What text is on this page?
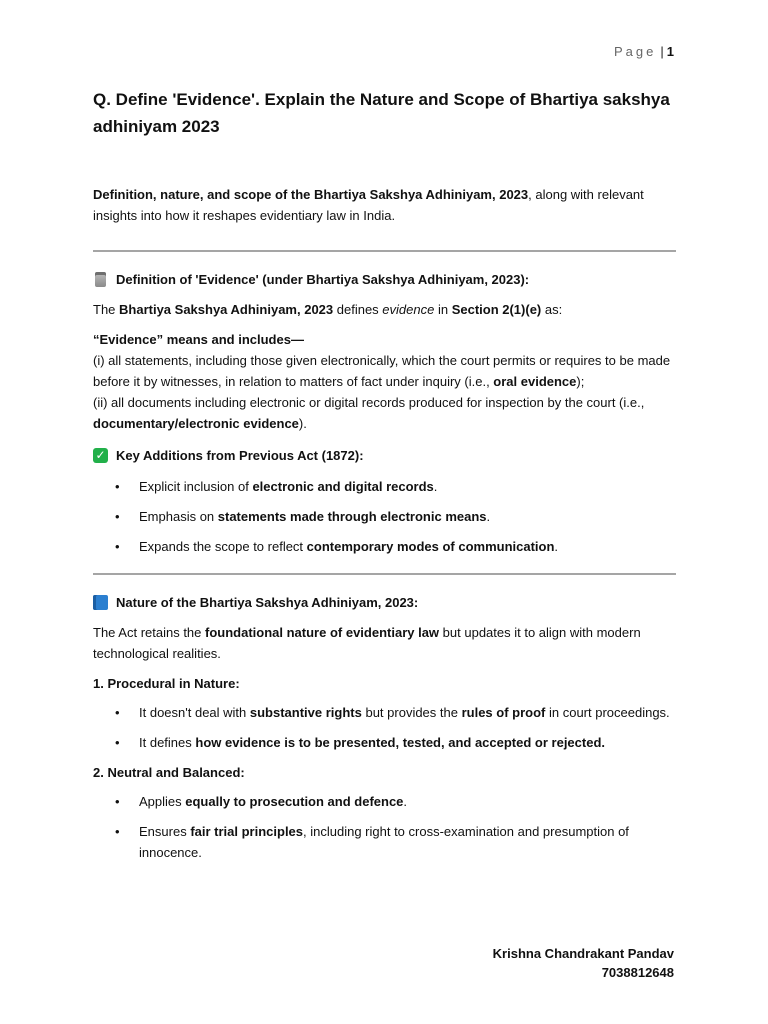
Page | 1
Q. Define 'Evidence'. Explain the Nature and Scope of Bhartiya sakshya adhiniyam 2023

Definition, nature, and scope of the Bhartiya Sakshya Adhiniyam, 2023, along with relevant insights into how it reshapes evidentiary law in India.

Definition of 'Evidence' (under Bhartiya Sakshya Adhiniyam, 2023):

The Bhartiya Sakshya Adhiniyam, 2023 defines evidence in Section 2(1)(e) as:

“Evidence” means and includes—
(i) all statements, including those given electronically, which the court permits or requires to be made before it by witnesses, in relation to matters of fact under inquiry (i.e., oral evidence);
(ii) all documents including electronic or digital records produced for inspection by the court (i.e., documentary/electronic evidence).

✓ Key Additions from Previous Act (1872):
• Explicit inclusion of electronic and digital records.
• Emphasis on statements made through electronic means.
• Expands the scope to reflect contemporary modes of communication.
Nature of the Bhartiya Sakshya Adhiniyam, 2023:

The Act retains the foundational nature of evidentiary law but updates it to align with modern technological realities.

1. Procedural in Nature:

• It doesn't deal with substantive rights but provides the rules of proof in court proceedings.
• It defines how evidence is to be presented, tested, and accepted or rejected.

2. Neutral and Balanced:

• Applies equally to prosecution and defence.
• Ensures fair trial principles, including right to cross-examination and presumption of innocence.
Krishna Chandrakant Pandav
7038812648
